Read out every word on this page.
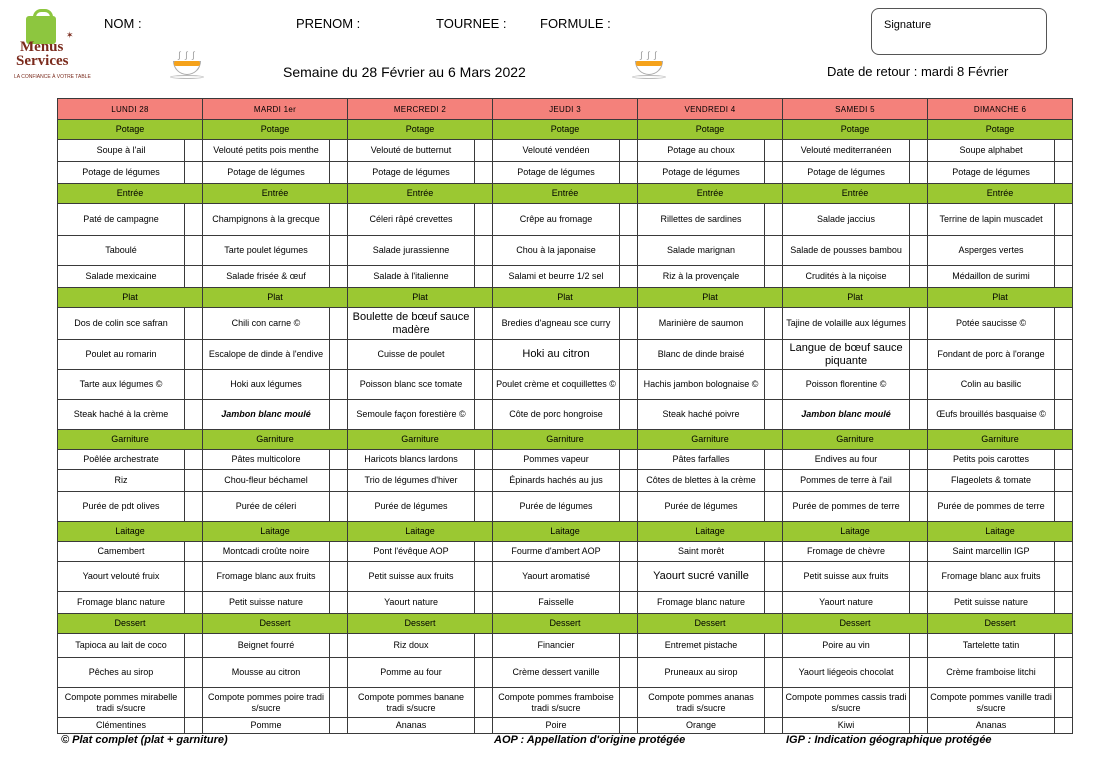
✶
Menus
Services
LA CONFIANCE À VOTRE TABLE
NOM :	PRENOM :	TOURNEE :	FORMULE :	Signature
∫ ∫ ∫	∫ ∫ ∫
Semaine du 28 Février au 6 Mars 2022	Date de retour : mardi 8 Février
LUNDI 28		MARDI 1er		MERCREDI 2		JEUDI 3		VENDREDI 4		SAMEDI 5		DIMANCHE 6	
Potage		Potage		Potage		Potage		Potage		Potage		Potage	
Soupe à l'ail		Velouté petits pois menthe		Velouté de butternut		Velouté vendéen		Potage au choux		Velouté mediterranéen		Soupe alphabet	
Potage de légumes		Potage de légumes		Potage de légumes		Potage de légumes		Potage de légumes		Potage de légumes		Potage de légumes	
Entrée		Entrée		Entrée		Entrée		Entrée		Entrée		Entrée	
Paté de campagne		Champignons à la grecque		Céleri râpé crevettes		Crêpe au fromage		Rillettes de sardines		Salade jaccius		Terrine de lapin muscadet	
Taboulé		Tarte poulet légumes		Salade jurassienne		Chou à la japonaise		Salade marignan		Salade de pousses bambou		Asperges vertes	
Salade mexicaine		Salade frisée & œuf		Salade à l'italienne		Salami et beurre 1/2 sel		Riz à la provençale		Crudités à la niçoise		Médaillon de surimi	
Plat		Plat		Plat		Plat		Plat		Plat		Plat	
Dos de colin sce safran		Chili con carne ©		Boulette de bœuf sauce madère		Bredies d'agneau sce curry		Marinière de saumon		Tajine de volaille aux légumes		Potée saucisse ©	
Poulet au romarin		Escalope de dinde à l'endive		Cuisse de poulet		Hoki au citron		Blanc de dinde braisé		Langue de bœuf sauce piquante		Fondant de porc à l'orange	
Tarte aux légumes ©		Hoki aux légumes		Poisson blanc sce tomate		Poulet crème et coquillettes ©		Hachis jambon bolognaise ©		Poisson florentine ©		Colin au basilic	
Steak haché à la crème		Jambon blanc moulé		Semoule façon forestière ©		Côte de porc hongroise		Steak haché poivre		Jambon blanc moulé		Œufs brouillés basquaise ©	
Garniture		Garniture		Garniture		Garniture		Garniture		Garniture		Garniture	
Poêlée archestrate		Pâtes multicolore		Haricots blancs lardons		Pommes vapeur		Pâtes farfalles		Endives au four		Petits pois carottes	
Riz		Chou-fleur béchamel		Trio de légumes d'hiver		Épinards hachés au jus		Côtes de blettes à la crème		Pommes de terre à l'ail		Flageolets & tomate	
Purée de pdt olives		Purée de céleri		Purée de légumes		Purée de légumes		Purée de légumes		Purée de pommes de terre		Purée de pommes de terre	
Laitage		Laitage		Laitage		Laitage		Laitage		Laitage		Laitage	
Camembert		Montcadi croûte noire		Pont l'évêque AOP		Fourme d'ambert AOP		Saint morêt		Fromage de chèvre		Saint marcellin IGP	
Yaourt velouté fruix		Fromage blanc aux fruits		Petit suisse aux fruits		Yaourt aromatisé		Yaourt sucré vanille		Petit suisse aux fruits		Fromage blanc aux fruits	
Fromage blanc nature		Petit suisse nature		Yaourt nature		Faisselle		Fromage blanc nature		Yaourt nature		Petit suisse nature	
Dessert		Dessert		Dessert		Dessert		Dessert		Dessert		Dessert	
Tapioca au lait de coco		Beignet fourré		Riz doux		Financier		Entremet pistache		Poire au vin		Tartelette tatin	
Pêches au sirop		Mousse au citron		Pomme au four		Crème dessert vanille		Pruneaux au sirop		Yaourt liégeois chocolat		Crème framboise litchi	
Compote pommes mirabelle tradi s/sucre		Compote pommes poire tradi s/sucre		Compote pommes banane tradi s/sucre		Compote pommes framboise tradi s/sucre		Compote pommes ananas tradi s/sucre		Compote pommes cassis tradi s/sucre		Compote pommes vanille tradi s/sucre	
Clémentines		Pomme		Ananas		Poire		Orange		Kiwi		Ananas	
© Plat complet (plat + garniture)	AOP : Appellation d'origine protégée	IGP : Indication géographique protégée
